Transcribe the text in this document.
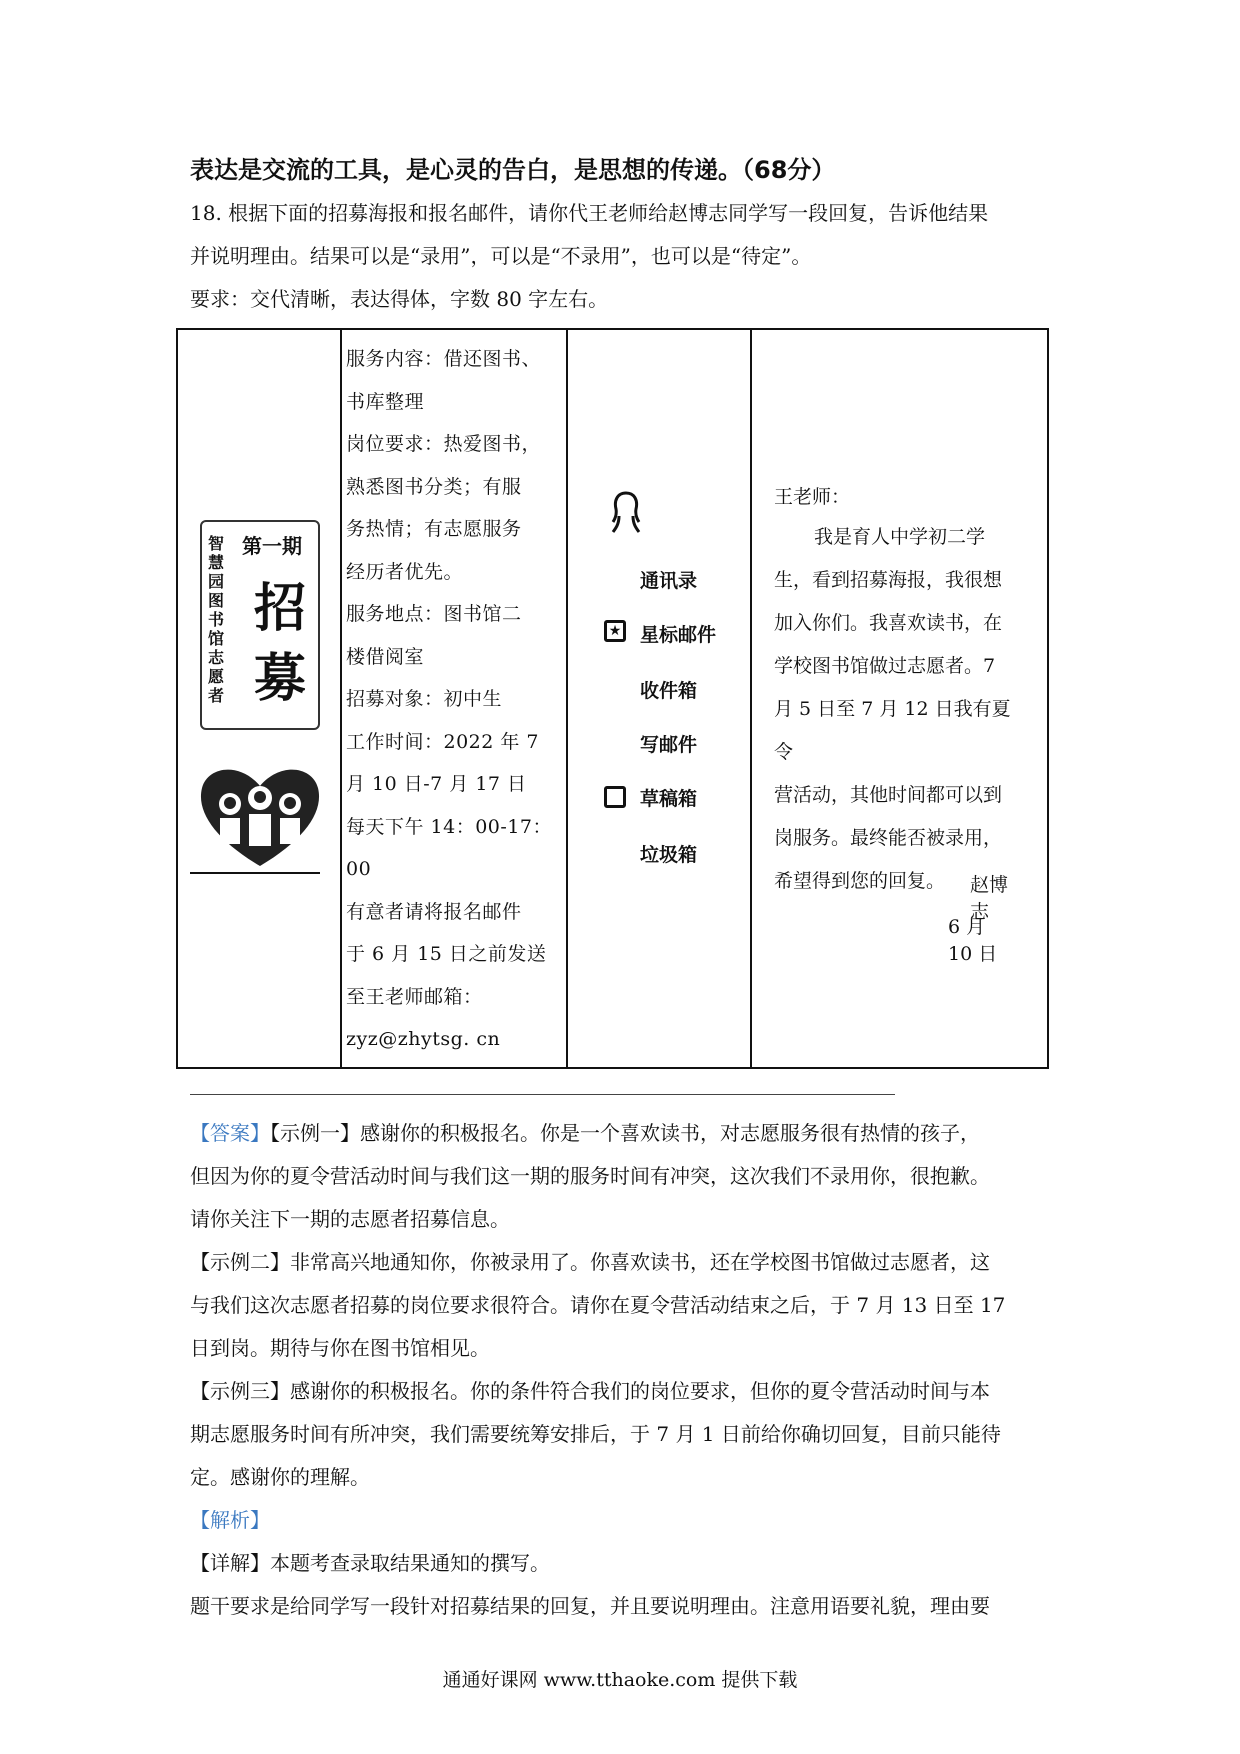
表达是交流的工具，是心灵的告白，是思想的传递。（68分）
18. 根据下面的招募海报和报名邮件，请你代王老师给赵博志同学写一段回复，告诉他结果
并说明理由。结果可以是“录用”，可以是“不录用”，也可以是“待定”。
要求：交代清晰，表达得体，字数 80 字左右。
第一期
智慧园图书馆志愿者
招募
服务内容：借还图书、
书库整理
岗位要求：热爱图书，
熟悉图书分类；有服
务热情；有志愿服务
经历者优先。
服务地点：图书馆二
楼借阅室
招募对象：初中生
工作时间：2022 年 7
月 10 日-7 月 17 日
每天下午 14：00-17：
00
有意者请将报名邮件
于 6 月 15 日之前发送
至王老师邮箱：
zyz@zhytsg. cn
通讯录
★ 星标邮件
收件箱
写邮件
草稿箱
垃圾箱
王老师：
我是育人中学初二学
生，看到招募海报，我很想
加入你们。我喜欢读书，在
学校图书馆做过志愿者。7
月 5 日至 7 月 12 日我有夏令
营活动，其他时间都可以到
岗服务。最终能否被录用，
希望得到您的回复。	赵博志
6 月 10 日
【答案】【示例一】感谢你的积极报名。你是一个喜欢读书，对志愿服务很有热情的孩子，
但因为你的夏令营活动时间与我们这一期的服务时间有冲突，这次我们不录用你，很抱歉。
请你关注下一期的志愿者招募信息。
【示例二】非常高兴地通知你，你被录用了。你喜欢读书，还在学校图书馆做过志愿者，这
与我们这次志愿者招募的岗位要求很符合。请你在夏令营活动结束之后，于 7 月 13 日至 17
日到岗。期待与你在图书馆相见。
【示例三】感谢你的积极报名。你的条件符合我们的岗位要求，但你的夏令营活动时间与本
期志愿服务时间有所冲突，我们需要统筹安排后，于 7 月 1 日前给你确切回复，目前只能待
定。感谢你的理解。
【解析】
【详解】本题考查录取结果通知的撰写。
题干要求是给同学写一段针对招募结果的回复，并且要说明理由。注意用语要礼貌，理由要
通通好课网 www.tthaoke.com 提供下载
